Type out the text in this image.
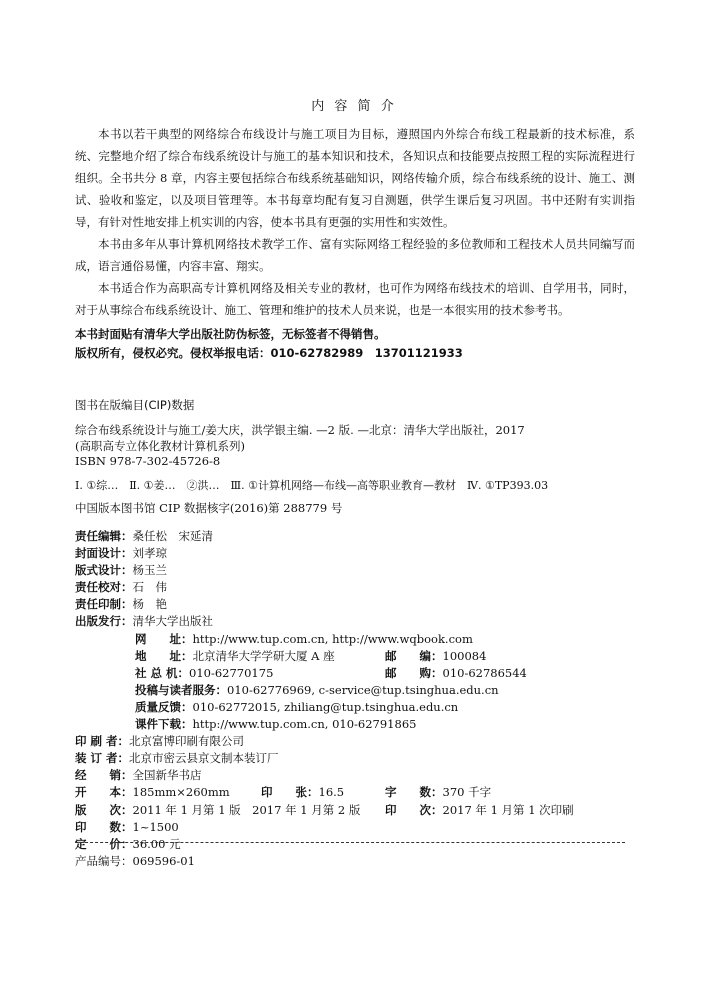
内 容 简 介

本书以若干典型的网络综合布线设计与施工项目为目标，遵照国内外综合布线工程最新的技术标准，系统、完整地介绍了综合布线系统设计与施工的基本知识和技术，各知识点和技能要点按照工程的实际流程进行组织。全书共分 8 章，内容主要包括综合布线系统基础知识，网络传输介质，综合布线系统的设计、施工、测试、验收和鉴定，以及项目管理等。本书每章均配有复习自测题，供学生课后复习巩固。书中还附有实训指导，有针对性地安排上机实训的内容，使本书具有更强的实用性和实效性。

本书由多年从事计算机网络技术教学工作、富有实际网络工程经验的多位教师和工程技术人员共同编写而成，语言通俗易懂，内容丰富、翔实。

本书适合作为高职高专计算机网络及相关专业的教材，也可作为网络布线技术的培训、自学用书，同时，对于从事综合布线系统设计、施工、管理和维护的技术人员来说，也是一本很实用的技术参考书。

本书封面贴有清华大学出版社防伪标签，无标签者不得销售。
版权所有，侵权必究。侵权举报电话：010-62782989　13701121933
图书在版编目(CIP)数据
综合布线系统设计与施工/姜大庆，洪学银主编. —2 版. —北京：清华大学出版社，2017
(高职高专立体化教材计算机系列)
ISBN 978-7-302-45726-8
Ⅰ. ①综…　Ⅱ. ①姜…　②洪…　Ⅲ. ①计算机网络—布线—高等职业教育—教材　Ⅳ. ①TP393.03
中国版本图书馆 CIP 数据核字(2016)第 288779 号
责任编辑：桑任松　宋延清
封面设计：刘孝琼
版式设计：杨玉兰
责任校对：石　伟
责任印制：杨　艳
出版发行：清华大学出版社
网　　址：http://www.tup.com.cn, http://www.wqbook.com
地　　址：北京清华大学学研大厦 A 座	邮　　编：100084
社 总 机：010-62770175	邮　　购：010-62786544
投稿与读者服务：010-62776969, c-service@tup.tsinghua.edu.cn
质量反馈：010-62772015, zhiliang@tup.tsinghua.edu.cn
课件下载：http://www.tup.com.cn, 010-62791865
印 刷 者：北京富博印刷有限公司
装 订 者：北京市密云县京文制本装订厂
经　　销：全国新华书店
开　　本：185mm×260mm	印　　张：16.5	字　　数：370 千字
版　　次：2011 年 1 月第 1 版　2017 年 1 月第 2 版 印　　次：2017 年 1 月第 1 次印刷
印　　数：1~1500
定　　价：36.00 元
产品编号：069596-01
